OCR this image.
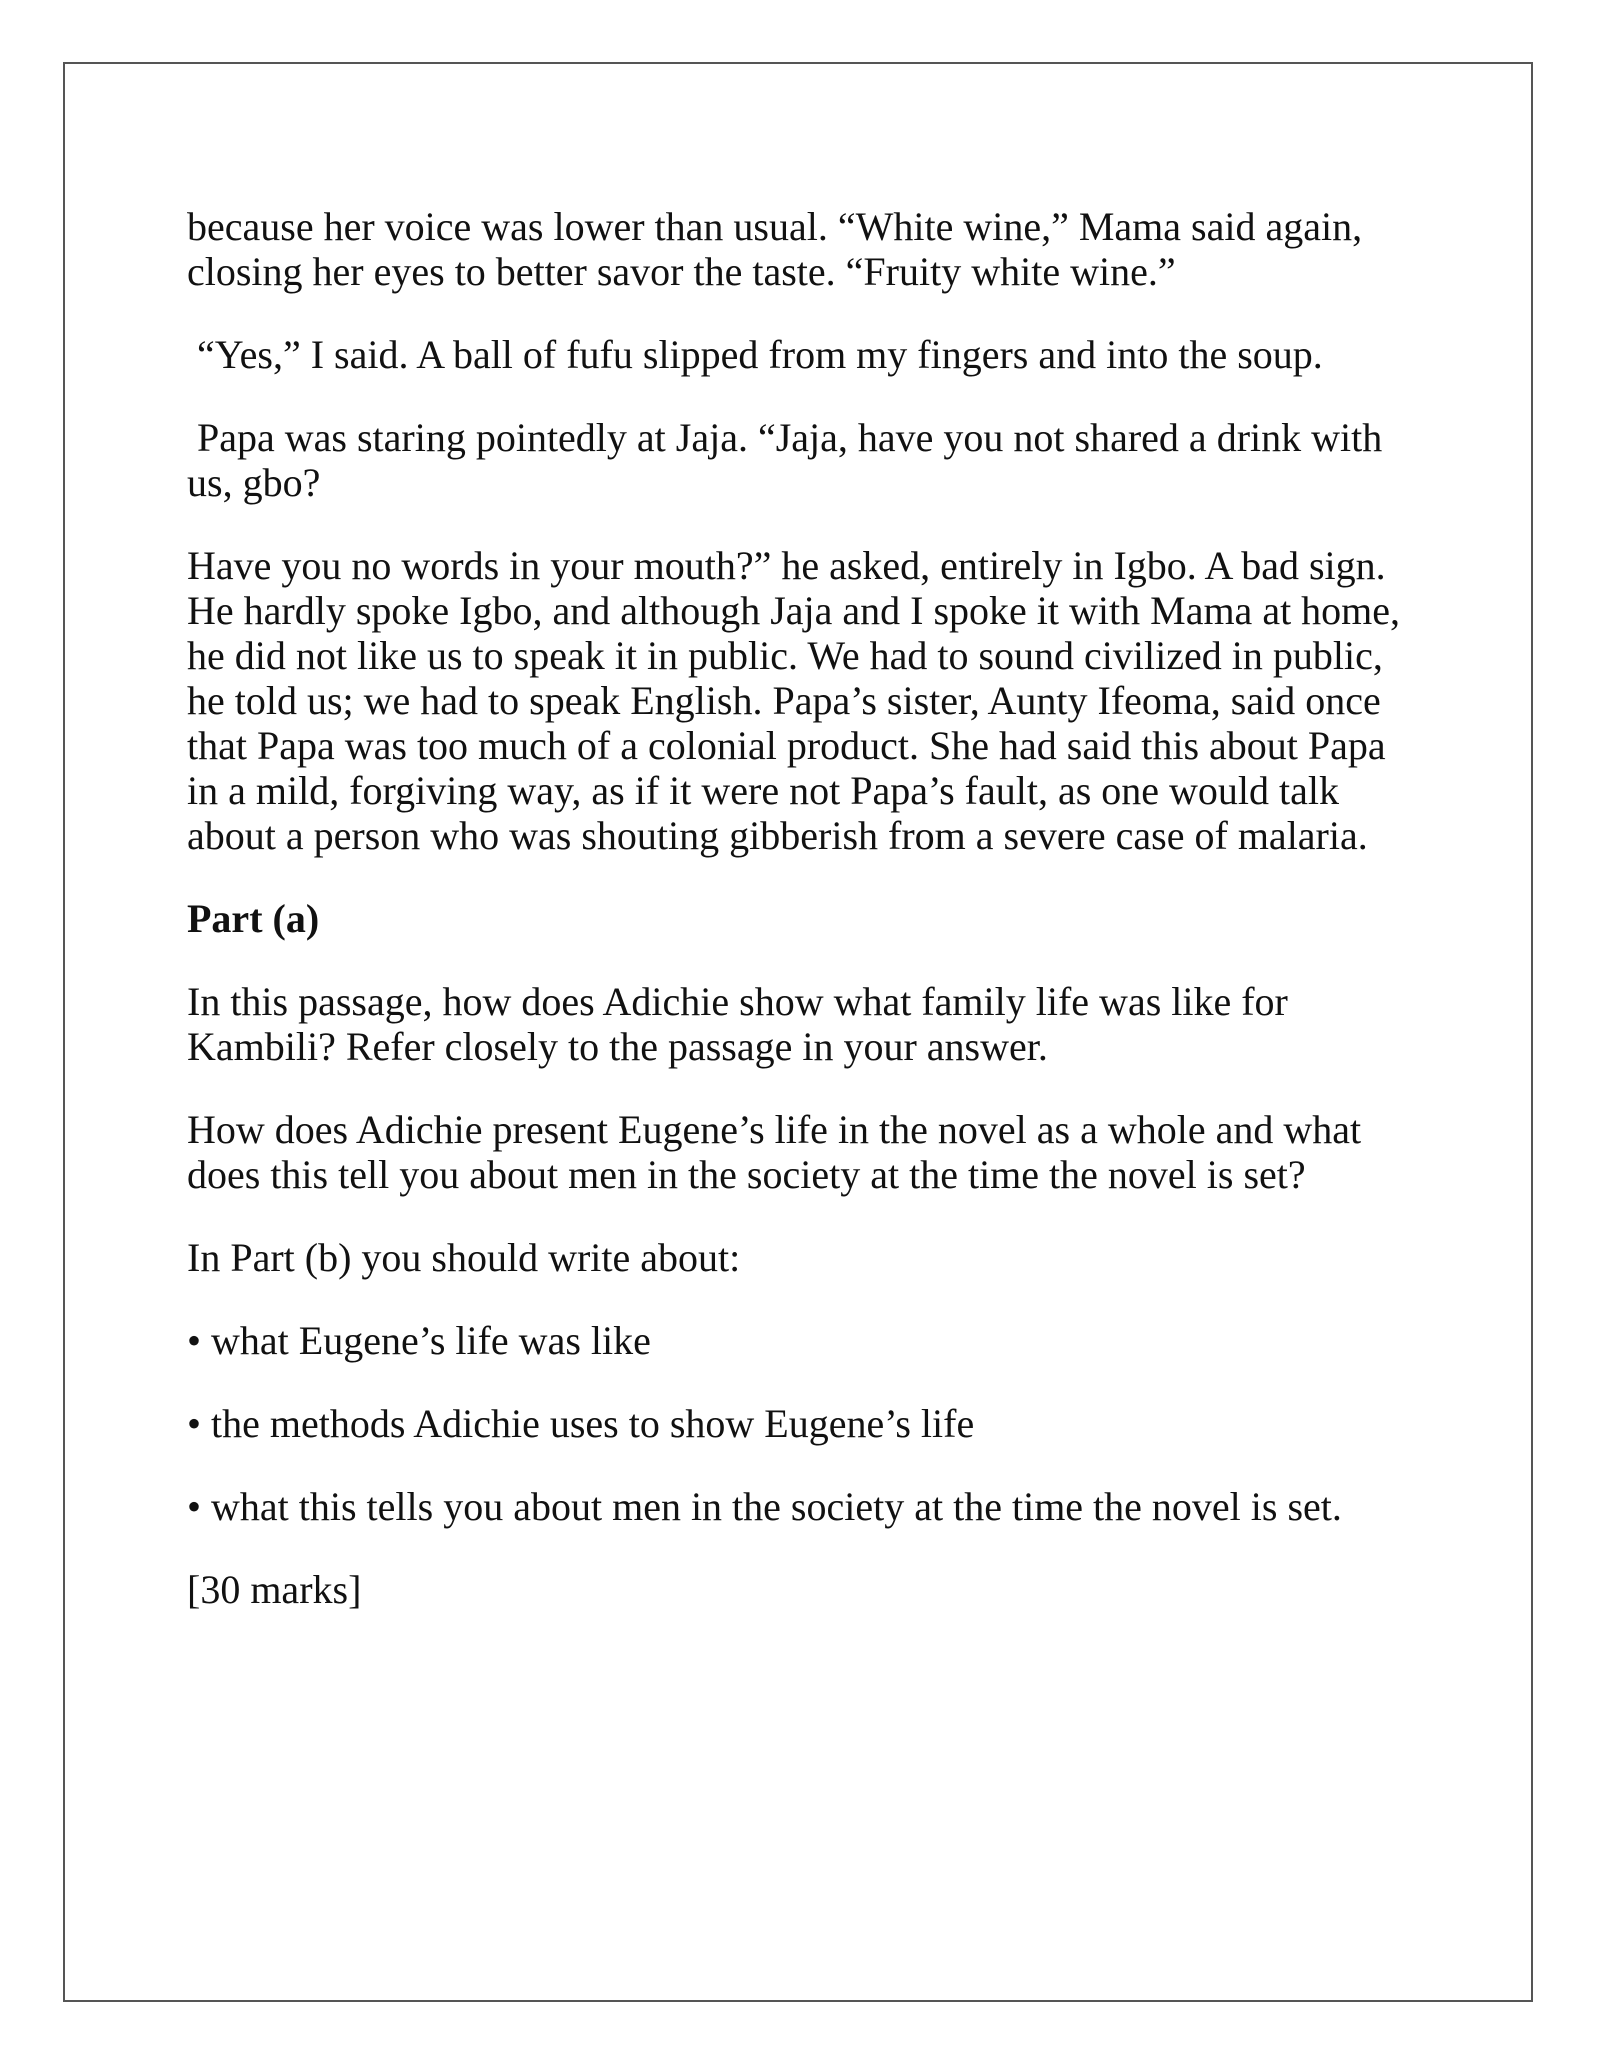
because her voice was lower than usual. “White wine,” Mama said again, closing her eyes to better savor the taste. “Fruity white wine.”

“Yes,” I said. A ball of fufu slipped from my fingers and into the soup.

Papa was staring pointedly at Jaja. “Jaja, have you not shared a drink with us, gbo?

Have you no words in your mouth?” he asked, entirely in Igbo. A bad sign. He hardly spoke Igbo, and although Jaja and I spoke it with Mama at home, he did not like us to speak it in public. We had to sound civilized in public, he told us; we had to speak English. Papa’s sister, Aunty Ifeoma, said once that Papa was too much of a colonial product. She had said this about Papa in a mild, forgiving way, as if it were not Papa’s fault, as one would talk about a person who was shouting gibberish from a severe case of malaria.

Part (a)

In this passage, how does Adichie show what family life was like for Kambili? Refer closely to the passage in your answer.

How does Adichie present Eugene’s life in the novel as a whole and what does this tell you about men in the society at the time the novel is set?

In Part (b) you should write about:

• what Eugene’s life was like

• the methods Adichie uses to show Eugene’s life

• what this tells you about men in the society at the time the novel is set.

[30 marks]
